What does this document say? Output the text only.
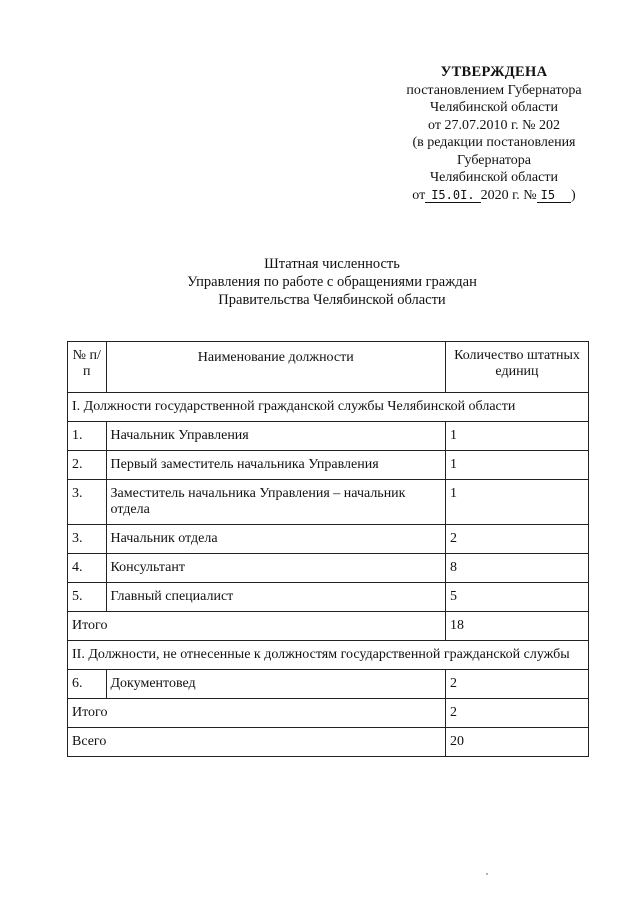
УТВЕРЖДЕНА
постановлением Губернатора
Челябинской области
от 27.07.2010 г. № 202
(в редакции постановления
Губернатора
Челябинской области
от I5.0I. 2020 г. № I5 )
Штатная численность
Управления по работе с обращениями граждан
Правительства Челябинской области
№ п/п	Наименование должности	Количество штатных единиц
I. Должности государственной гражданской службы Челябинской области		
1.	Начальник Управления	1
2.	Первый заместитель начальника Управления	1
3.	Заместитель начальника Управления – начальник отдела	1
3.	Начальник отдела	2
4.	Консультант	8
5.	Главный специалист	5
Итого		18
II. Должности, не отнесенные к должностям государственной гражданской службы		
6.	Документовед	2
Итого		2
Всего		20
